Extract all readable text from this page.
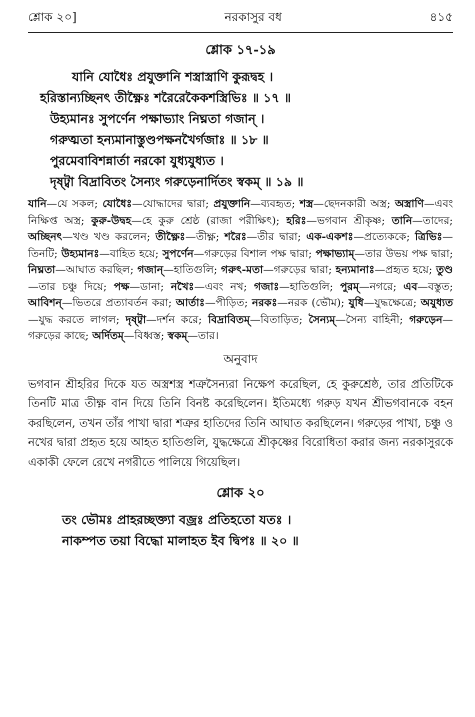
শ্লোক ২০]	নরকাসুর বধ	৪১৫
শ্লোক ১৭-১৯
যানি যোধৈঃ প্রযুক্তানি শস্ত্রাস্ত্রাণি কুরূদ্বহ ।
হরিস্তান্যচ্ছিনৎ তীক্ষ্ণৈঃ শরৈরেকৈকশস্ত্রিভিঃ ॥ ১৭ ॥
উহ্যমানঃ সুপর্ণেন পক্ষাভ্যাং নিঘ্নতা গজান্ ।
গরুত্মতা হন্যমানাস্তুণ্ডপক্ষনখৈর্গজাঃ ॥ ১৮ ॥
পুরমেবাবিশন্নার্তা নরকো যুধ্যযুধ্যত ।
দৃষ্ট্বা বিদ্রাবিতং সৈন্যং গরুড়েনার্দিতং স্বকম্ ॥ ১৯ ॥
যানি—যে সকল; যোধৈঃ—যোদ্ধাদের দ্বারা; প্রযুক্তানি—ব্যবহৃত; শস্ত্র—ছেদনকারী অস্ত্র; অস্ত্রাণি—এবং নিক্ষিপ্ত অস্ত্র; কুরু-উদ্বহ—হে কুরু শ্রেষ্ঠ (রাজা পরীক্ষিৎ); হরিঃ—ভগবান শ্রীকৃষ্ণ; তানি—তাদের; অচ্ছিনৎ—খণ্ড খণ্ড করলেন; তীক্ষ্ণৈঃ—তীক্ষ্ণ; শরৈঃ—তীর দ্বারা; এক-একশঃ—প্রত্যেককে; ত্রিভিঃ—তিনটি; উহ্যমানঃ—বাহিত হয়ে; সুপর্ণেন—গরুড়ের বিশাল পক্ষ দ্বারা; পক্ষাভ্যাম্—তার উভয় পক্ষ দ্বারা; নিঘ্নতা—আঘাত করছিল; গজান্—হাতিগুলি; গরুৎ-মতা—গরুড়ের দ্বারা; হন্যমানাঃ—প্রহৃত হয়ে; তুণ্ড—তার চঞ্চু দিয়ে; পক্ষ—ডানা; নখৈঃ—এবং নখ; গজাঃ—হাতিগুলি; পুরম্—নগরে; এব—বস্তুত; আবিশন্—ভিতরে প্রত্যাবর্তন করা; আর্তাঃ—পীড়িত; নরকঃ—নরক (ভৌম); যুধি—যুদ্ধক্ষেত্রে; অযুধ্যত—যুদ্ধ করতে লাগল; দৃষ্ট্বা—দর্শন করে; বিদ্রাবিতম্—বিতাড়িত; সৈন্যম্—সৈন্য বাহিনী; গরুড়েন—গরুড়ের কাছে; অর্দিতম্—বিধ্বস্ত; স্বকম্—তার।
অনুবাদ
ভগবান শ্রীহরির দিকে যত অস্ত্রশস্ত্র শত্রুসৈন্যরা নিক্ষেপ করেছিল, হে কুরুশ্রেষ্ঠ, তার প্রতিটিকে তিনটি মাত্র তীক্ষ্ণ বান দিয়ে তিনি বিনষ্ট করেছিলেন। ইতিমধ্যে গরুড় যখন শ্রীভগবানকে বহন করছিলেন, তখন তাঁর পাখা দ্বারা শত্রুর হাতিদের তিনি আঘাত করছিলেন। গরুড়ের পাখা, চঞ্চু ও নখের দ্বারা প্রহৃত হয়ে আহত হাতিগুলি, যুদ্ধক্ষেত্রে শ্রীকৃষ্ণের বিরোধিতা করার জন্য নরকাসুরকে একাকী ফেলে রেখে নগরীতে পালিয়ে গিয়েছিল।
শ্লোক ২০
তং ভৌমঃ প্রাহরচ্ছক্ত্যা বজ্রঃ প্রতিহতো যতঃ ।
নাকম্পত তয়া বিদ্ধো মালাহত ইব দ্বিপঃ ॥ ২০ ॥
